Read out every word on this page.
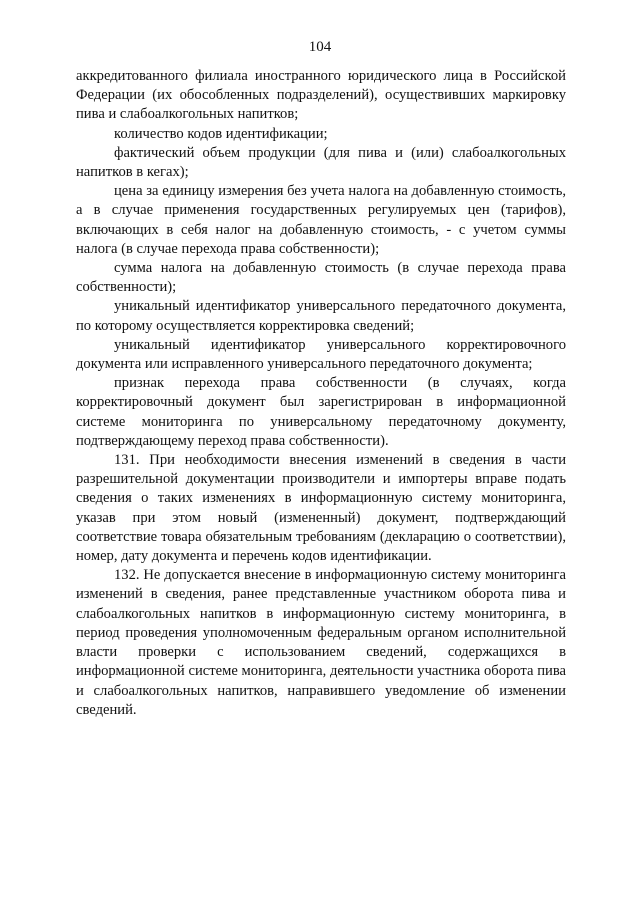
104

аккредитованного филиала иностранного юридического лица в Российской Федерации (их обособленных подразделений), осуществивших маркировку пива и слабоалкогольных напитков;

количество кодов идентификации;

фактический объем продукции (для пива и (или) слабоалкогольных напитков в кегах);

цена за единицу измерения без учета налога на добавленную стоимость, а в случае применения государственных регулируемых цен (тарифов), включающих в себя налог на добавленную стоимость, - с учетом суммы налога (в случае перехода права собственности);

сумма налога на добавленную стоимость (в случае перехода права собственности);

уникальный идентификатор универсального передаточного документа, по которому осуществляется корректировка сведений;

уникальный идентификатор универсального корректировочного документа или исправленного универсального передаточного документа;

признак перехода права собственности (в случаях, когда корректировочный документ был зарегистрирован в информационной системе мониторинга по универсальному передаточному документу, подтверждающему переход права собственности).

131. При необходимости внесения изменений в сведения в части разрешительной документации производители и импортеры вправе подать сведения о таких изменениях в информационную систему мониторинга, указав при этом новый (измененный) документ, подтверждающий соответствие товара обязательным требованиям (декларацию о соответствии), номер, дату документа и перечень кодов идентификации.

132. Не допускается внесение в информационную систему мониторинга изменений в сведения, ранее представленные участником оборота пива и слабоалкогольных напитков в информационную систему мониторинга, в период проведения уполномоченным федеральным органом исполнительной власти проверки с использованием сведений, содержащихся в информационной системе мониторинга, деятельности участника оборота пива и слабоалкогольных напитков, направившего уведомление об изменении сведений.
